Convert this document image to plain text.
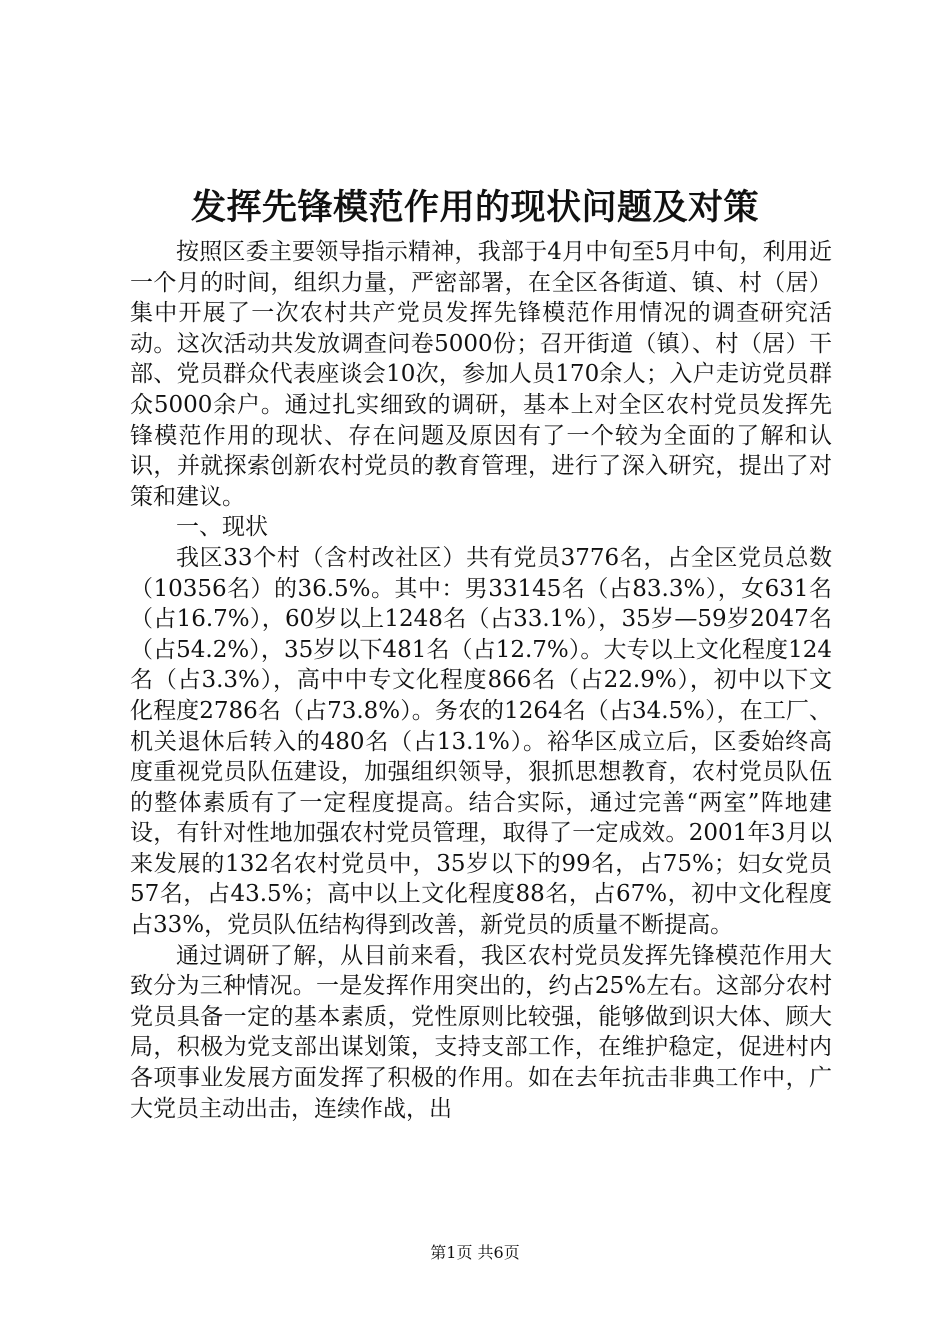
发挥先锋模范作用的现状问题及对策

按照区委主要领导指示精神，我部于4月中旬至5月中旬，利用近一个月的时间，组织力量，严密部署，在全区各街道、镇、村（居）集中开展了一次农村共产党员发挥先锋模范作用情况的调查研究活动。这次活动共发放调查问卷5000份；召开街道（镇）、村（居）干部、党员群众代表座谈会10次，参加人员170余人；入户走访党员群众5000余户。通过扎实细致的调研，基本上对全区农村党员发挥先锋模范作用的现状、存在问题及原因有了一个较为全面的了解和认识，并就探索创新农村党员的教育管理，进行了深入研究，提出了对策和建议。

一、现状

我区33个村（含村改社区）共有党员3776名，占全区党员总数（10356名）的36.5%。其中：男33145名（占83.3%），女631名（占16.7%），60岁以上1248名（占33.1%），35岁—59岁2047名（占54.2%），35岁以下481名（占12.7%）。大专以上文化程度124名（占3.3%），高中中专文化程度866名（占22.9%），初中以下文化程度2786名（占73.8%）。务农的1264名（占34.5%），在工厂、机关退休后转入的480名（占13.1%）。裕华区成立后，区委始终高度重视党员队伍建设，加强组织领导，狠抓思想教育，农村党员队伍的整体素质有了一定程度提高。结合实际，通过完善“两室”阵地建设，有针对性地加强农村党员管理，取得了一定成效。2001年3月以来发展的132名农村党员中，35岁以下的99名，占75%；妇女党员57名，占43.5%；高中以上文化程度88名，占67%，初中文化程度占33%，党员队伍结构得到改善，新党员的质量不断提高。

通过调研了解，从目前来看，我区农村党员发挥先锋模范作用大致分为三种情况。一是发挥作用突出的，约占25%左右。这部分农村党员具备一定的基本素质，党性原则比较强，能够做到识大体、顾大局，积极为党支部出谋划策，支持支部工作，在维护稳定，促进村内各项事业发展方面发挥了积极的作用。如在去年抗击非典工作中，广大党员主动出击，连续作战，出

第1页 共6页
